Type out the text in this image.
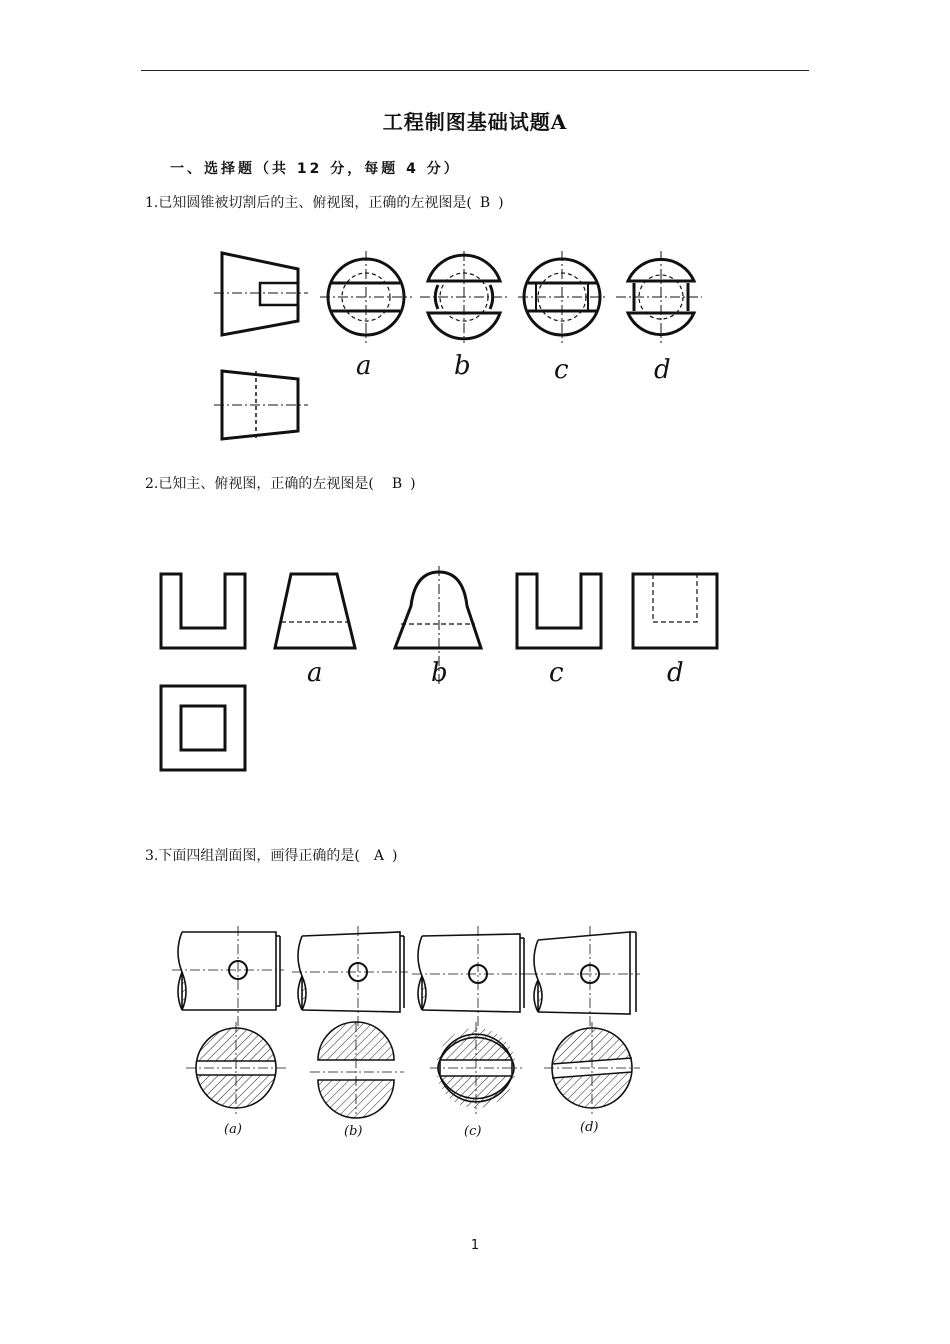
工程制图基础试题A
一、选择题（共 12 分，每题 4 分）
1.已知圆锥被切割后的主、俯视图，正确的左视图是( B )
a	b	c	d
2.已知主、俯视图，正确的左视图是( B )
a	b	c	d
3.下面四组剖面图，画得正确的是( A )
(a)	(b)	(c)	(d)
1
